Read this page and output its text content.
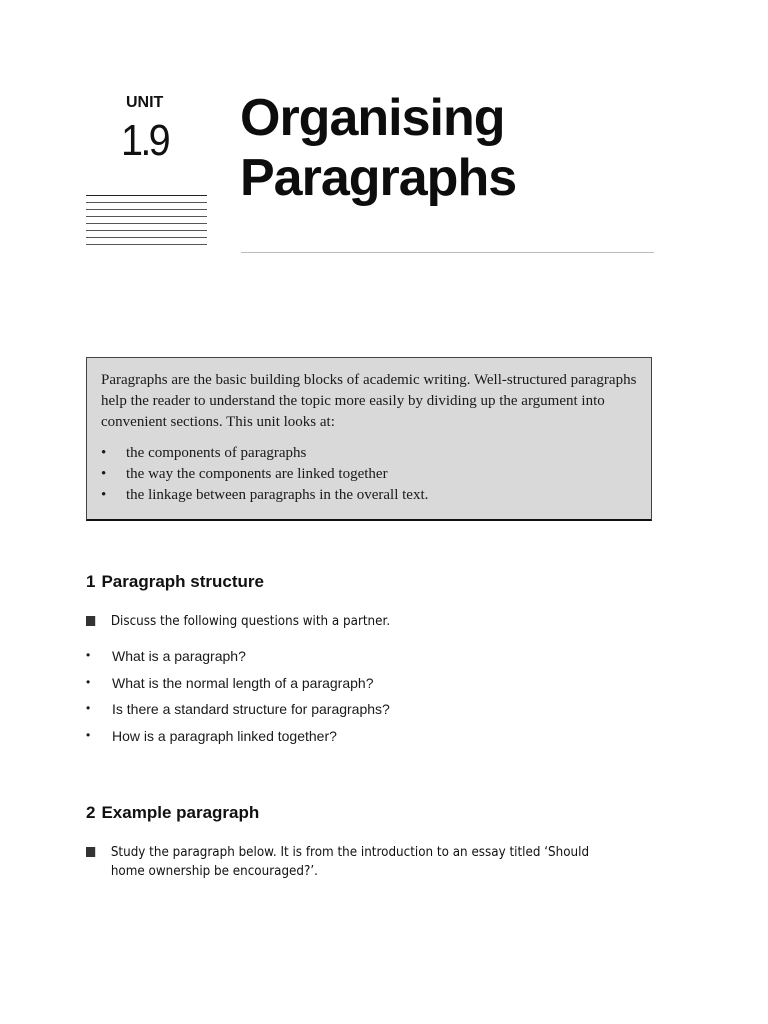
UNIT
1.9 Organising
Paragraphs

Paragraphs are the basic building blocks of academic writing. Well-structured paragraphs help the reader to understand the topic more easily by dividing up the argument into convenient sections. This unit looks at:

• the components of paragraphs
• the way the components are linked together
• the linkage between paragraphs in the overall text.
1 Paragraph structure
Discuss the following questions with a partner.
• What is a paragraph?
• What is the normal length of a paragraph?
• Is there a standard structure for paragraphs?
• How is a paragraph linked together?
2 Example paragraph
Study the paragraph below. It is from the introduction to an essay titled ‘Should home ownership be encouraged?’.
